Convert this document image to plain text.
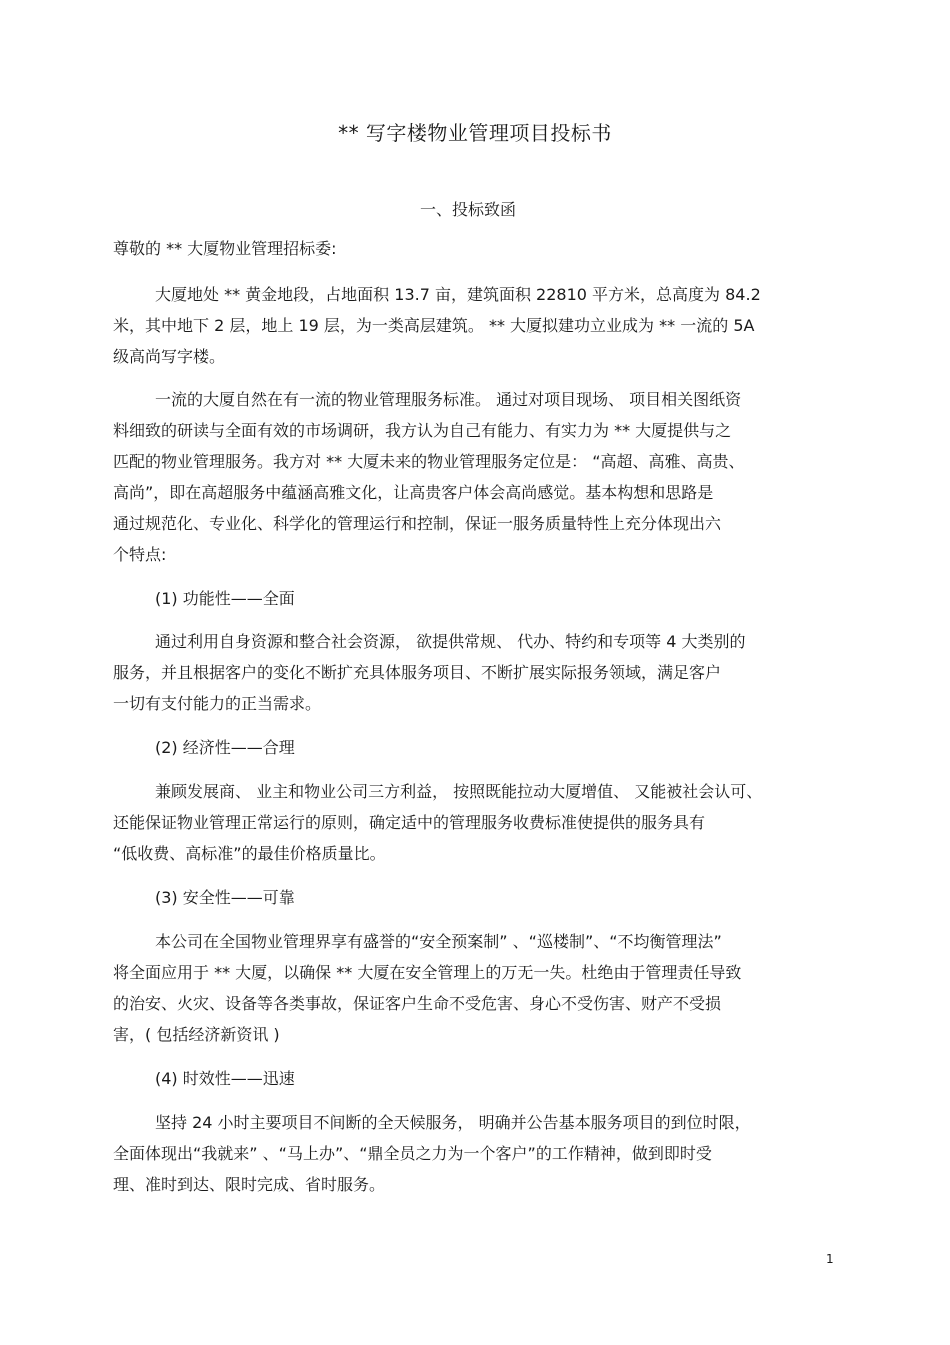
** 写字楼物业管理项目投标书
一、投标致函

尊敬的 ** 大厦物业管理招标委:

大厦地处 ** 黄金地段，占地面积 13.7 亩，建筑面积 22810 平方米，总高度为 84.2

米，其中地下 2 层，地上 19 层，为一类高层建筑。 ** 大厦拟建功立业成为 ** 一流的 5A

级高尚写字楼。

一流的大厦自然在有一流的物业管理服务标准。 通过对项目现场、 项目相关图纸资

料细致的研读与全面有效的市场调研，我方认为自己有能力、有实力为 ** 大厦提供与之

匹配的物业管理服务。我方对 ** 大厦未来的物业管理服务定位是： “高超、高雅、高贵、

高尚”，即在高超服务中蕴涵高雅文化，让高贵客户体会高尚感觉。基本构想和思路是

通过规范化、专业化、科学化的管理运行和控制，保证一服务质量特性上充分体现出六

个特点:

(1) 功能性——全面

通过利用自身资源和整合社会资源， 欲提供常规、 代办、特约和专项等 4 大类别的

服务，并且根据客户的变化不断扩充具体服务项目、不断扩展实际报务领域，满足客户

一切有支付能力的正当需求。

(2) 经济性——合理

兼顾发展商、 业主和物业公司三方利益， 按照既能拉动大厦增值、 又能被社会认可、

还能保证物业管理正常运行的原则，确定适中的管理服务收费标准使提供的服务具有

“低收费、高标准”的最佳价格质量比。

(3) 安全性——可靠

本公司在全国物业管理界享有盛誉的“安全预案制” 、“巡楼制”、“不均衡管理法”

将全面应用于 ** 大厦，以确保 ** 大厦在安全管理上的万无一失。杜绝由于管理责任导致

的治安、火灾、设备等各类事故，保证客户生命不受危害、身心不受伤害、财产不受损

害，( 包括经济新资讯 )

(4) 时效性——迅速

坚持 24 小时主要项目不间断的全天候服务， 明确并公告基本服务项目的到位时限，

全面体现出“我就来” 、“马上办”、“鼎全员之力为一个客户”的工作精神，做到即时受

理、准时到达、限时完成、省时服务。

1
